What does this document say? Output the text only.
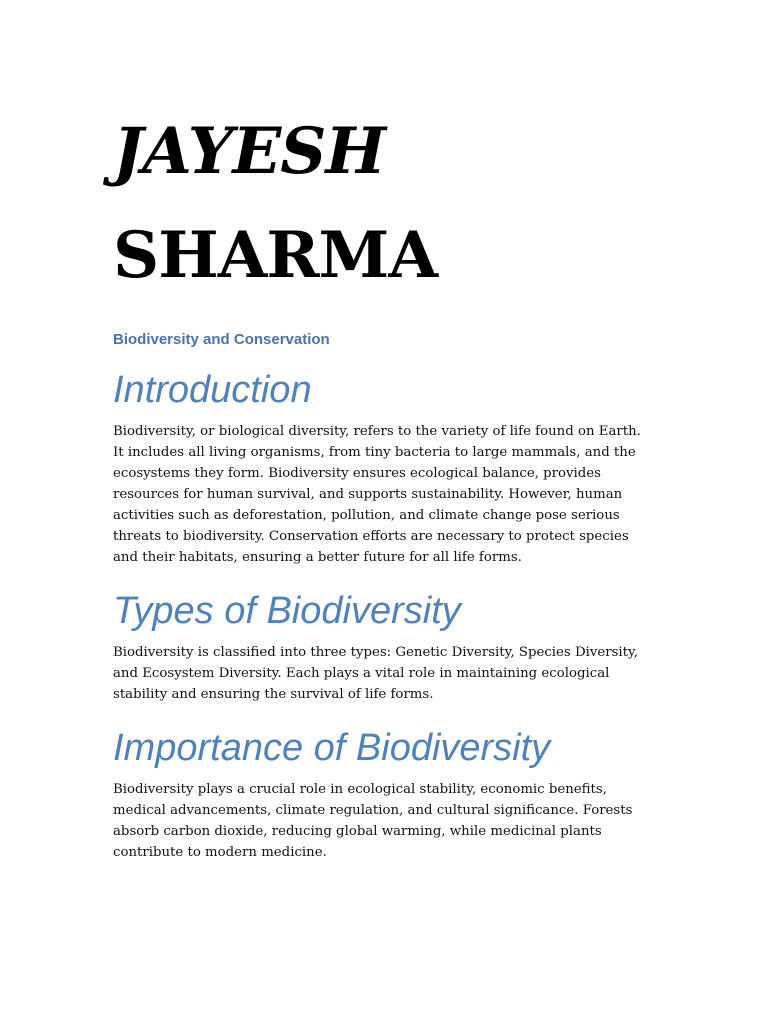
JAYESH
SHARMA
Biodiversity and Conservation
Introduction

Biodiversity, or biological diversity, refers to the variety of life found on Earth. It includes all living organisms, from tiny bacteria to large mammals, and the ecosystems they form. Biodiversity ensures ecological balance, provides resources for human survival, and supports sustainability. However, human activities such as deforestation, pollution, and climate change pose serious threats to biodiversity. Conservation efforts are necessary to protect species and their habitats, ensuring a better future for all life forms.

Types of Biodiversity

Biodiversity is classified into three types: Genetic Diversity, Species Diversity, and Ecosystem Diversity. Each plays a vital role in maintaining ecological stability and ensuring the survival of life forms.

Importance of Biodiversity

Biodiversity plays a crucial role in ecological stability, economic benefits, medical advancements, climate regulation, and cultural significance. Forests absorb carbon dioxide, reducing global warming, while medicinal plants contribute to modern medicine.
